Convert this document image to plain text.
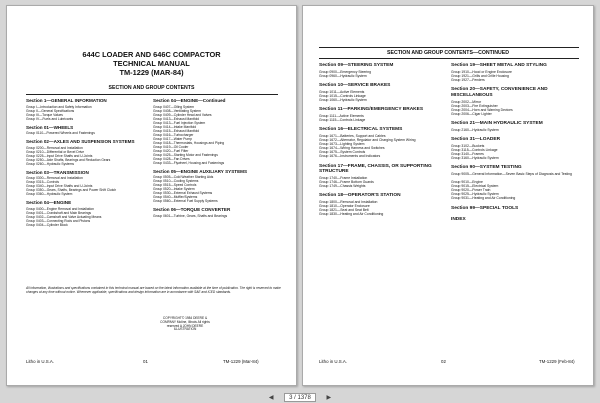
644C LOADER AND 646C COMPACTOR
TECHNICAL MANUAL
TM-1229 (MAR-84)
SECTION AND GROUP CONTENTS
Section 1—GENERAL INFORMATION
Group I—Introduction and Safety Information
Group II—General Specifications
Group III—Torque Values
Group IV—Fuels and Lubricants
Section 01—WHEELS
Group 0110—Powered Wheels and Fastenings
Section 02—AXLES AND SUSPENSION SYSTEMS
Group 0200—Removal and Installation
Group 0210—Differential or Bevel Drive
Group 0225—Input Drive Shafts and U-Joints
Group 0250—Axle Shafts, Bearings and Reduction Gears
Group 0260—Hydraulic Systems
Section 03—TRANSMISSION
Group 0300—Removal and Installation
Group 0315—Controls
Group 0340—Input Drive Shafts and U-Joints
Group 0350—Gears, Shafts, Bearings and Power Shift Clutch
Group 0360—Hydraulic System
Section 04—ENGINE
Group 0400—Engine Removal and Installation
Group 0401—Crankshaft and Main Bearings
Group 0402—Camshaft and Valve Actuating Means
Group 0403—Connecting Rods and Pistons
Group 0404—Cylinder Block
Section 04—ENGINE—Continued
Group 0407—Oiling System
Group 0408—Ventilating System
Group 0409—Cylinder Head and Valves
Group 0413—Exhaust Manifold
Group 0413—Fuel Injection System
Group 0414—Intake Manifold
Group 0415—Exhaust Manifold
Group 0416—Turbocharger
Group 0417—Water Pump
Group 0418—Thermostats, Housings and Piping
Group 0419—Oil Cooler
Group 0420—Fuel Filter
Group 0425—Starting Motor and Fastenings
Group 0428—Fan Drives
Group 0433—Flywheel, Housing and Fastenings
Section 05—ENGINE AUXILIARY SYSTEMS
Group 0505—Cold Weather Starting Aids
Group 0510—Cooling Systems
Group 0515—Speed Controls
Group 0520—Intake System
Group 0530—External Exhaust Systems
Group 0540—Muffler/Systems
Group 0560—External Fuel Supply Systems
Section 06—TORQUE CONVERTER
Group 0601—Turbine, Gears, Shafts and Bearings
All information, illustrations and specifications contained in this technical manual are based on the latest information available at the time of publication. The right is reserved to make changes at any time without notice. Whenever applicable, specifications and design information are in accordance with SAE and ICED standards.
COPYRIGHT© 1984 DEERE & COMPANY Moline, Illinois All rights reserved A JOHN DEERE ILLUSTRATION
Litho in U.S.A.	01	TM-1229 (Mar-84)
SECTION AND GROUP CONTENTS—CONTINUED
Section 09—STEERING SYSTEM
Group 0900—Emergency Steering
Group 0960—Hydraulic System
Section 10—SERVICE BRAKES
Group 1011—Active Elements
Group 1015—Controls Linkage
Group 1060—Hydraulic System
Section 11—PARKING/EMERGENCY BRAKES
Group 1111—Active Elements
Group 1115—Controls Linkage
Section 16—ELECTRICAL SYSTEMS
Group 1671—Batteries, Support and Cables
Group 1672—Alternator, Regulator and Charging System Wiring
Group 1673—Lighting System
Group 1674—Wiring Harness and Switches
Group 1675—System Controls
Group 1676—Instruments and Indicators
Section 17—FRAME, CHASSIS, OR SUPPORTING STRUCTURE
Group 1740—Frame Installation
Group 1746—Frame Bottom Guards
Group 1749—Chassis Weights
Section 18—OPERATOR'S STATION
Group 1800—Removal and Installation
Group 1810—Operator Enclosure
Group 1821—Seat and Seat Belt
Group 1830—Heating and Air Conditioning
Section 19—SHEET METAL AND STYLING
Group 1910—Hood or Engine Enclosure
Group 1921—Grills and Grille Housing
Group 1927—Fenders
Section 20—SAFETY, CONVENIENCE AND MISCELLANEOUS
Group 2002—Mirror
Group 2003—Fire Extinguisher
Group 2004—Horn and Warning Devices
Group 2006—Cigar Lighter
Section 21—MAIN HYDRAULIC SYSTEM
Group 2160—Hydraulic System
Section 31—LOADER
Group 3102—Buckets
Group 3115—Controls Linkage
Group 3140—Frames
Group 3160—Hydraulic System
Section 90—SYSTEM TESTING
Group 9005—General Information—Seven Basic Steps of Diagnosis and Testing
Group 9010—Engine
Group 9015—Electrical System
Group 9020—Power Train
Group 9025—Hydraulic System
Group 9031—Heating and Air Conditioning
Section 99—SPECIAL TOOLS
INDEX
Litho in U.S.A.	02	TM-1229 (Feb-84)
◀	3 / 1378	▶
